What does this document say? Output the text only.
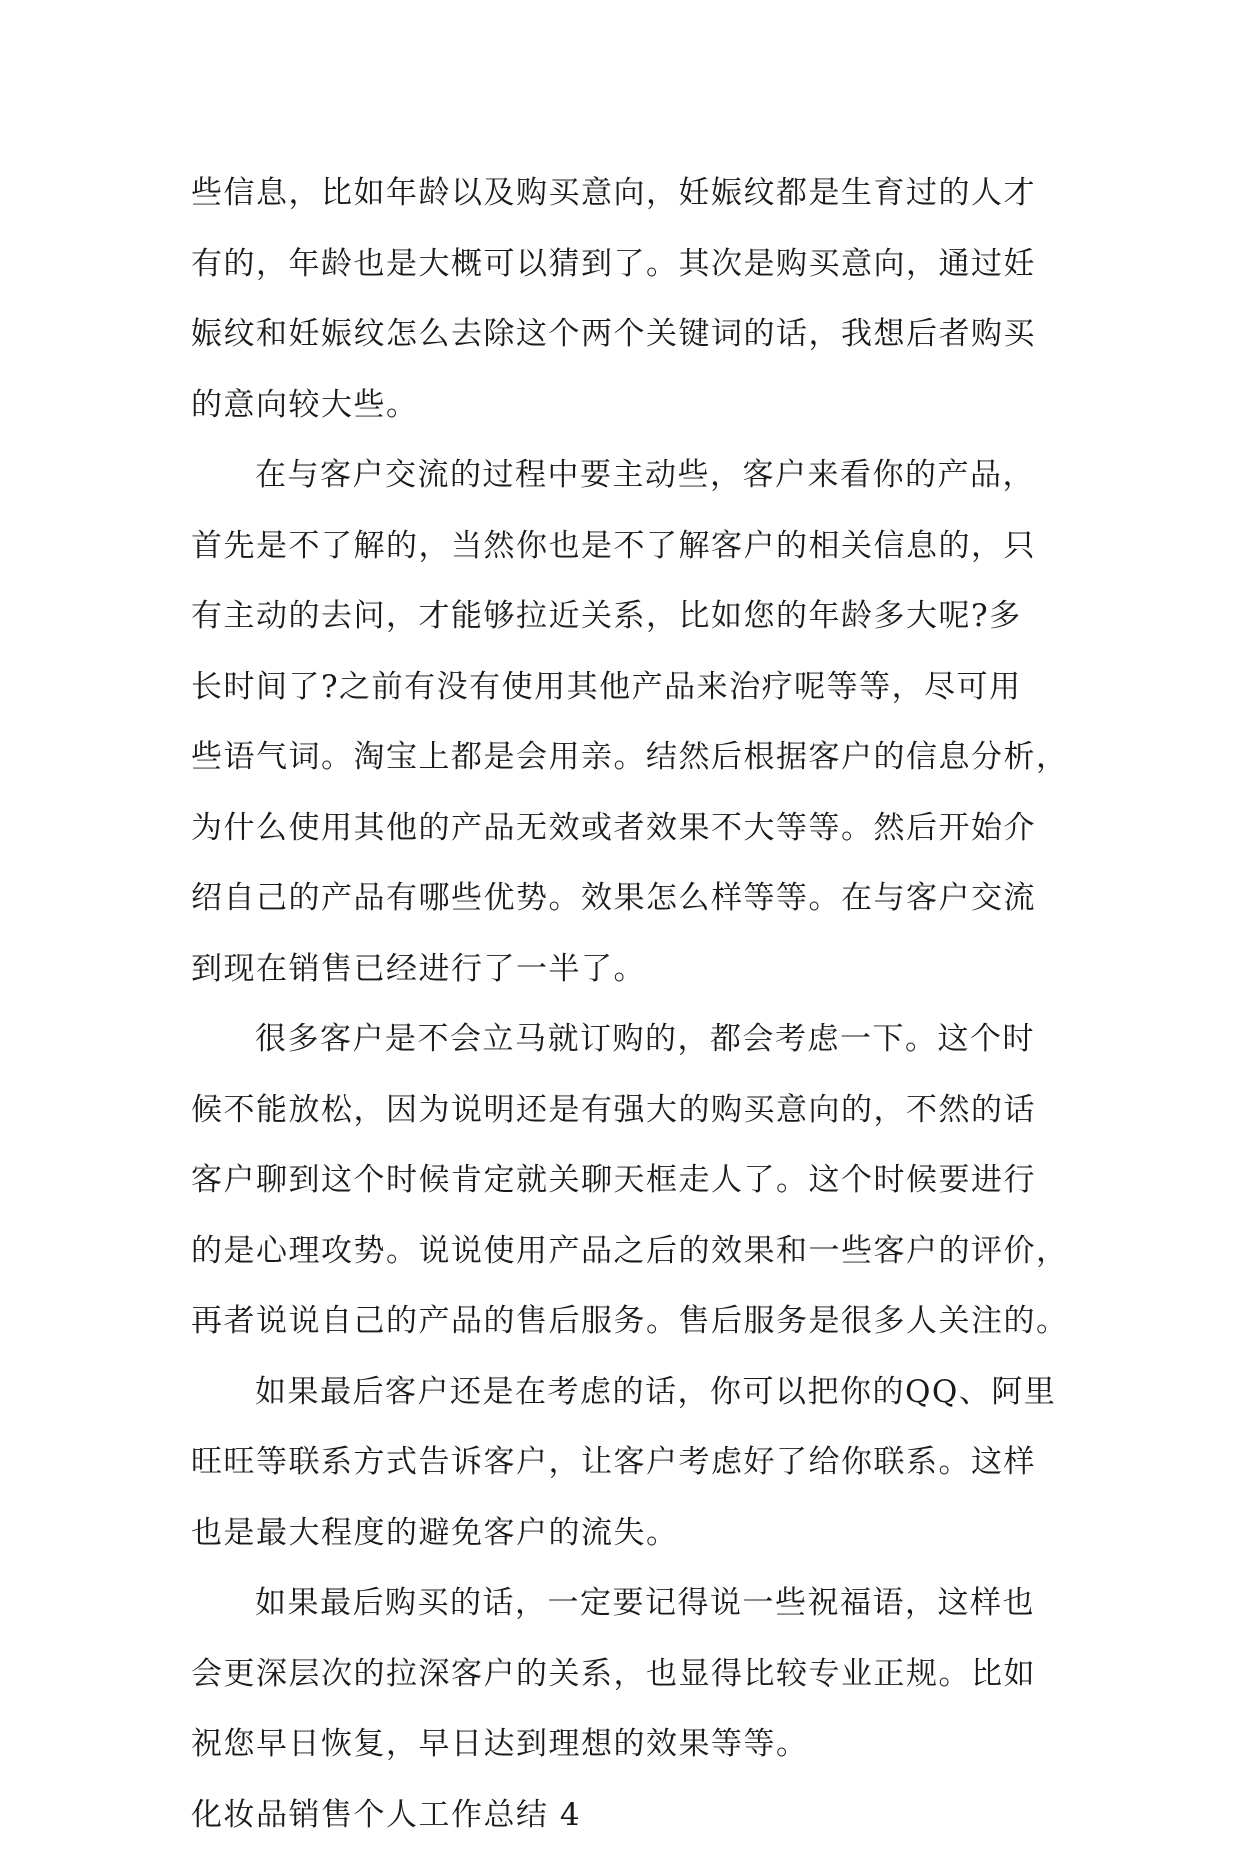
些信息，比如年龄以及购买意向，妊娠纹都是生育过的人才
有的，年龄也是大概可以猜到了。其次是购买意向，通过妊
娠纹和妊娠纹怎么去除这个两个关键词的话，我想后者购买
的意向较大些。
在与客户交流的过程中要主动些，客户来看你的产品，
首先是不了解的，当然你也是不了解客户的相关信息的，只
有主动的去问，才能够拉近关系，比如您的年龄多大呢?多
长时间了?之前有没有使用其他产品来治疗呢等等，尽可用
些语气词。淘宝上都是会用亲。结然后根据客户的信息分析，
为什么使用其他的产品无效或者效果不大等等。然后开始介
绍自己的产品有哪些优势。效果怎么样等等。在与客户交流
到现在销售已经进行了一半了。
很多客户是不会立马就订购的，都会考虑一下。这个时
候不能放松，因为说明还是有强大的购买意向的，不然的话
客户聊到这个时候肯定就关聊天框走人了。这个时候要进行
的是心理攻势。说说使用产品之后的效果和一些客户的评价，
再者说说自己的产品的售后服务。售后服务是很多人关注的。
如果最后客户还是在考虑的话，你可以把你的QQ、阿里
旺旺等联系方式告诉客户，让客户考虑好了给你联系。这样
也是最大程度的避免客户的流失。
如果最后购买的话，一定要记得说一些祝福语，这样也
会更深层次的拉深客户的关系，也显得比较专业正规。比如
祝您早日恢复，早日达到理想的效果等等。
化妆品销售个人工作总结 4
